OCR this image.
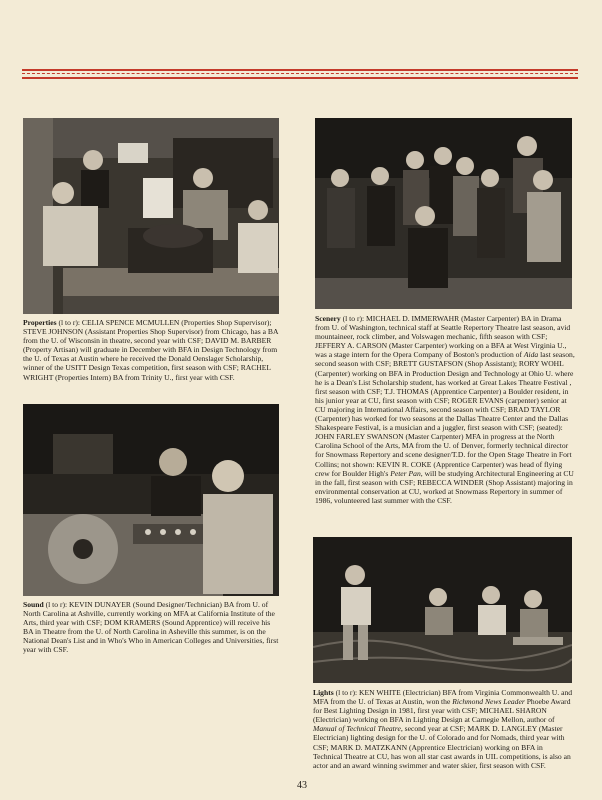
Properties (l to r): CELIA SPENCE MCMULLEN (Properties Shop Supervisor); STEVE JOHNSON (Assistant Properties Shop Supervisor) from Chicago, has a BA from the U. of Wisconsin in theatre, second year with CSF; DAVID M. BARBER (Property Artisan) will graduate in December with BFA in Design Technology from the U. of Texas at Austin where he received the Donald Oenslager Scholarship, winner of the USITT Design Texas competition, first season with CSF; RACHEL WRIGHT (Properties Intern) BA from Trinity U., first year with CSF.

Scenery (l to r): MICHAEL D. IMMERWAHR (Master Carpenter) BA in Drama from U. of Washington, technical staff at Seattle Repertory Theatre last season, avid mountaineer, rock climber, and Volswagen mechanic, fifth season with CSF; JEFFERY A. CARSON (Master Carpenter) working on a BFA at West Virginia U., was a stage intern for the Opera Company of Boston's production of Aida last season, second season with CSF; BRETT GUSTAFSON (Shop Assistant); RORY WOHL (Carpenter) working on BFA in Production Design and Technology at Ohio U. where he is a Dean's List Scholarship student, has worked at Great Lakes Theatre Festival , first season with CSF; T.J. THOMAS (Apprentice Carpenter) a Boulder resident, in his junior year at CU, first season with CSF; ROGER EVANS (carpenter) senior at CU majoring in International Affairs, second season with CSF; BRAD TAYLOR (Carpenter) has worked for two seasons at the Dallas Theatre Center and the Dallas Shakespeare Festival, is a musician and a juggler, first season with CSF; (seated): JOHN FARLEY SWANSON (Master Carpenter) MFA in progress at the North Carolina School of the Arts, MA from the U. of Denver, formerly technical director for Snowmass Repertory and scene designer/T.D. for the Open Stage Theatre in Fort Collins; not shown: KEVIN R. COKE (Apprentice Carpenter) was head of flying crew for Boulder High's Peter Pan, will be studying Architectural Engineering at CU in the fall, first season with CSF; REBECCA WINDER (Shop Assistant) majoring in environmental conservation at CU, worked at Snowmass Repertory in summer of 1986, volunteered last summer with the CSF.

Sound (l to r): KEVIN DUNAYER (Sound Designer/Technician) BA from U. of North Carolina at Ashville, currently working on MFA at California Institute of the Arts, third year with CSF; DOM KRAMERS (Sound Apprentice) will receive his BA in Theatre from the U. of North Carolina in Asheville this summer, is on the National Dean's List and in Who's Who in American Colleges and Universities, first year with CSF.

Lights (l to r): KEN WHITE (Electrician) BFA from Virginia Commonwealth U. and MFA from the U. of Texas at Austin, won the Richmond News Leader Phoebe Award for Best Lighting Design in 1981, first year with CSF; MICHAEL SHARON (Electrician) working on BFA in Lighting Design at Carnegie Mellon, author of Manual of Technical Theatre, second year at CSF; MARK D. LANGLEY (Master Electrician) lighting design for the U. of Colorado and for Nomads, third year with CSF; MARK D. MATZKANN (Apprentice Electrician) working on BFA in Technical Theatre at CU, has won all star cast awards in UIL competitions, is also an actor and an award winning swimmer and water skier, first season with CSF.

43
